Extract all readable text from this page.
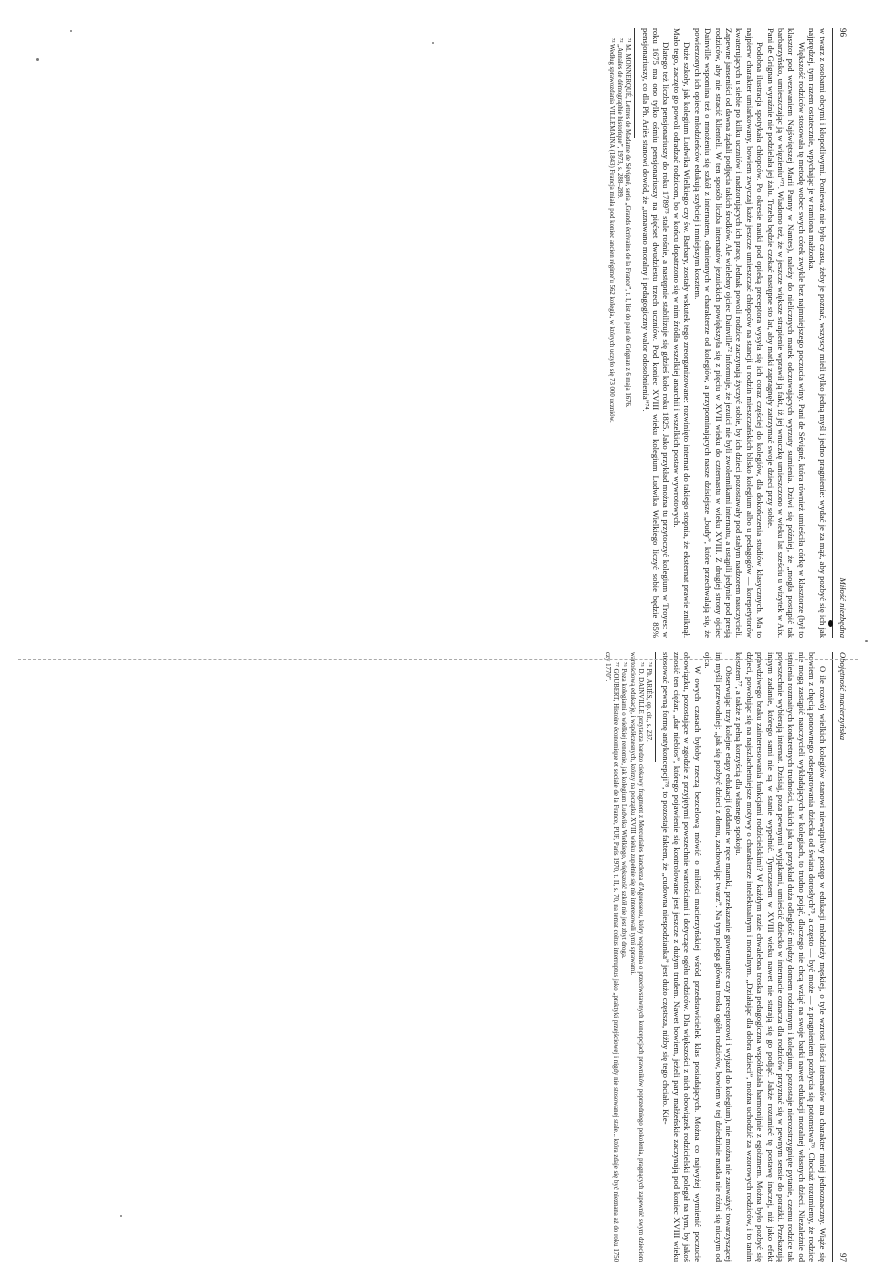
96
Miłość niezbędna

w twarz z osobami obcymi i kłopotliwymi. Ponieważ nie było czasu, żeby je poznać, wszyscy mieli tylko jedną myśl i jedno pragnienie: wydać je za mąż, aby pozbyć się ich jak najprędzej, tym razem ostatecznie, wpychając je w ramiona małżonka.

Większość rodziców stosowała tę metodę wobec swych córek zwykle bez najmniejszego poczucia winy. Pani de Sévigné, która również umieściła córkę w klasztorze (był to klasztor pod wezwaniem Najświętszej Marii Panny w Nantes), należy do nielicznych matek odczuwających wyrzuty sumienia. Dziwi się później, że „mogła postąpić tak barbarzyńsko, umieszczając ją w więzieniu”⁷¹. Wiadomo też, że w jeszcze większe strapienie wprawił ją fakt, iż jej wnuczkę umieszczono w wieku lat sześciu u wizytek w Aix. Pani de Grignan wyraźnie nie podzielała jej żalu. Trzeba będzie czekać następne sto lat, aby matki zapragnęły zatrzymać swoje dzieci przy sobie.

Podobna ilustracja spotykała chłopców. Po okresie nauki pod opieką preceptora wysyła się ich coraz częściej do kolegiów, dla dokończenia studiów klasycznych. Ma to najpierw charakter umiarkowany, bowiem zwyczaj każe jeszcze umieszczać chłopców na stancji u rodzin mieszczańskich blisko kolegium albo u pedagogów — korepetytorów kwaterujących u siebie po kilku uczniów i nadzorujących ich pracę. Jednak powoli rodzice zaczynają życzyć sobie, by ich dzieci pozostawały pod stałym nadzorem nauczycieli. Zapewne janseniści od dawna żądali podjęcia takich środków. Ale wielebny ojciec Dainville⁷² informuje, że jezuici nie byli zwolennikami internatu, a ustąpili jedynie pod presją rodziców, aby nie stracić klienteli. W ten sposób liczba internatów jezuickich powiększyła się z pięciu w XVII wieku do czternastu w wieku XVIII. Z drugiej strony ojciec Dainville wspomina też o mnożeniu się szkół z internatem, odmiennych w charakterze od kolegiów, a przypominających nasze dzisiejsze „budy”, które przechwalają się, że powierzonych ich opiece młodzieńców edukują szybciej i mniejszym kosztem.

Duże szkoły, jak kolegium Ludwika Wielkiego czy św. Barbary, zostały wskutek tego zreorganizowane: rozwinięto internat do takiego stopnia, że eksternat prawie zniknął. Mało tego, zaczęto go powoli odradzać rodzicom, bo w końcu dopatrzono się w nim źródła wszelkiej anarchii i wszelkich postaw wywrotowych.

Dlatego też liczba pensjonariuszy do roku 1789⁷³ stale rośnie, a następnie stabilizuje się gdzieś koło roku 1825. Jako przykład można tu przytoczyć kolegium w Troyes: w roku 1675 ma ono tylko ośmiu pensjonariuszy na pięćset dwudziestu trzech uczniów. Pod koniec XVIII wieku kolegium Ludwika Wielkiego liczyć sobie będzie 85% pensjonariuszy, co dla Ph. Ariès stanowi dowód, że „uznawano moralny i pedagogiczny walor odosobnienia”⁷⁴.

⁷¹ M. MONNERQUÉ, Lettres de Madame de Sévigné, seria „Grands écrivains de la France”, t. I, list do pani de Grignan z 6 maja 1676.

⁷² „Annales de démographie historique”, 1973, s. 288–289.

⁷³ Według sprawozdania VILLEMAINA (1843) Francja miała pod koniec ancien régime'u 562 kolegia, w których uczyło się 73 000 uczniów.

Obojętność macierzyńska
97

O ile rozwój wielkich kolegiów stanowi niewątpliwy postęp w edukacji młodzieży męskiej, o tyle wzrost ilości internatów ma charakter mniej jednoznaczny. Wiąże się bowiem z chęcią ponownego odseparowania dziecka od świata dorosłych⁷⁵, a często — być może — z pragnieniem pozbycia się potomstwa⁷⁶. Chociaż rozumiemy, że rodzice nie mogą zastąpić nauczycieli wykładających w kolegiach, to trudno pojąć, dlaczego nie chcą wziąć na swoje barki nawet edukacji moralnej własnych dzieci. Niezależnie od istnienia rozmaitych konkretnych trudności, takich jak na przykład duża odległość między domem rodzinnym i kolegium, pozostaje nierozstrzygnięte pytanie, czemu rodzice tak powszechnie wybierają internat. Dzisiaj, poza pewnymi wyjątkami, umieścić dziecko w internacie oznacza dla rodziców przyznać się w pewnym sensie do porażki. Przekazują innym zadanie, którego sami nie są w stanie wypełnić. Tymczasem w XVIII wieku nawet nie starają się go podjąć. Jakże rozumieć tę postawę inaczej, niż jako efekt prawdziwego braku zainteresowania funkcjami rodzicielskimi? W każdym razie chwalebna troska pedagogiczna współdziała harmonijnie z egoizmem. Można było pozbyć się dzieci, powołując się na najszlachetniejsze motywy o charakterze intelektualnym i moralnym. „Działając dla dobra dzieci”, można uchodzić za wzorowych rodziców, i to tanim kosztem⁷⁷, a także z pełną korzyścią dla własnego spokoju.

Obserwując trzy kolejne etapy edukacji (oddanie w ręce mamki, przekazanie guwernantce czy preceptorowi i wyjazd do kolegium), nie można nie zauważyć towarzyszącej im myśli przewodniej: „jak się pozbyć dzieci z domu, zachowując twarz”. Na tym polega główna troska ogółu rodziców, bowiem w tej dziedzinie matka nie różni się niczym od ojca.

W owych czasach byłoby rzeczą bezcelową mówić o miłości macierzyńskiej wśród przedstawicielek klas posiadających. Można co najwyżej wymienić poczucie obowiązku, pozostające w zgodzie z przyjętymi powszechnie wartościami i dotyczące ogółu rodziców. Dla większości z nich obowiązek rodzicielski polegał na tym, by jakoś znosić ten ciężar, „dar niebios”, którego pojawienie się kontrolowane jest jeszcze z dużym trudem. Nawet bowiem, jeżeli pary małżeńskie zaczynają pod koniec XVIII wieku stosować pewną formę antykoncepcji⁷⁸, to pozostaje faktem, że „cudowna niespodzianka” jest dużo częstsza, niżby się tego chciało. Kie-

⁷⁴ Ph. ARIÈS, op. cit., s. 237.

⁷⁵ D. DAINVILLE przytacza bardzo ciekawy fragment z Mercuriales kanclerza d'Aguesseau, który wspomina o przeciwstawnych koncepcjach prawników poprzedniego pokolenia, pragnących zapewnić swym dzieciom wartościową edukację, i współczesnych, którzy na początku XVIII wieku zupełnie się nie interesowali tymi sprawami.

⁷⁶ Poza kolegiami o wielkiej renomie, jak kolegium Ludwika Wielkiego, większość szkół nie jest zbyt droga.

⁷⁷ GOUBERT, Histoire économique et sociale de la France, PUF, Paris 1970, t. II, s. 70, na temat coitus interruptus jako „praktyki przejściowej i nigdy nie stosowanej stale... która zdaje się być nieznana aż do roku 1750 czy 1770”.
